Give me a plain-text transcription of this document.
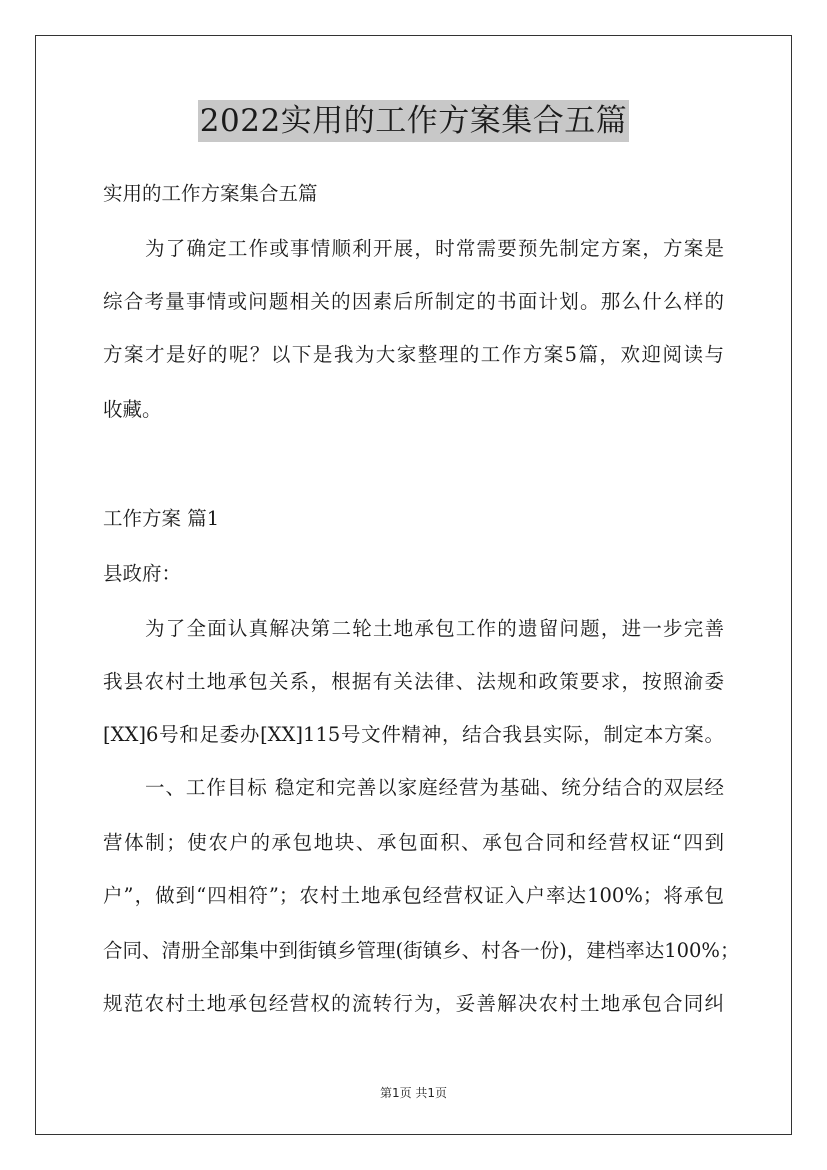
2022实用的工作方案集合五篇
实用的工作方案集合五篇
为了确定工作或事情顺利开展，时常需要预先制定方案，方案是
综合考量事情或问题相关的因素后所制定的书面计划。那么什么样的
方案才是好的呢？以下是我为大家整理的工作方案5篇，欢迎阅读与
收藏。
工作方案 篇1
县政府：
为了全面认真解决第二轮土地承包工作的遗留问题，进一步完善
我县农村土地承包关系，根据有关法律、法规和政策要求，按照渝委
[XX]6号和足委办[XX]115号文件精神，结合我县实际，制定本方案。
一、工作目标 稳定和完善以家庭经营为基础、统分结合的双层经
营体制；使农户的承包地块、承包面积、承包合同和经营权证“四到
户”，做到“四相符”；农村土地承包经营权证入户率达100%；将承包
合同、清册全部集中到街镇乡管理(街镇乡、村各一份)，建档率达100%；
规范农村土地承包经营权的流转行为，妥善解决农村土地承包合同纠
第1页 共1页
